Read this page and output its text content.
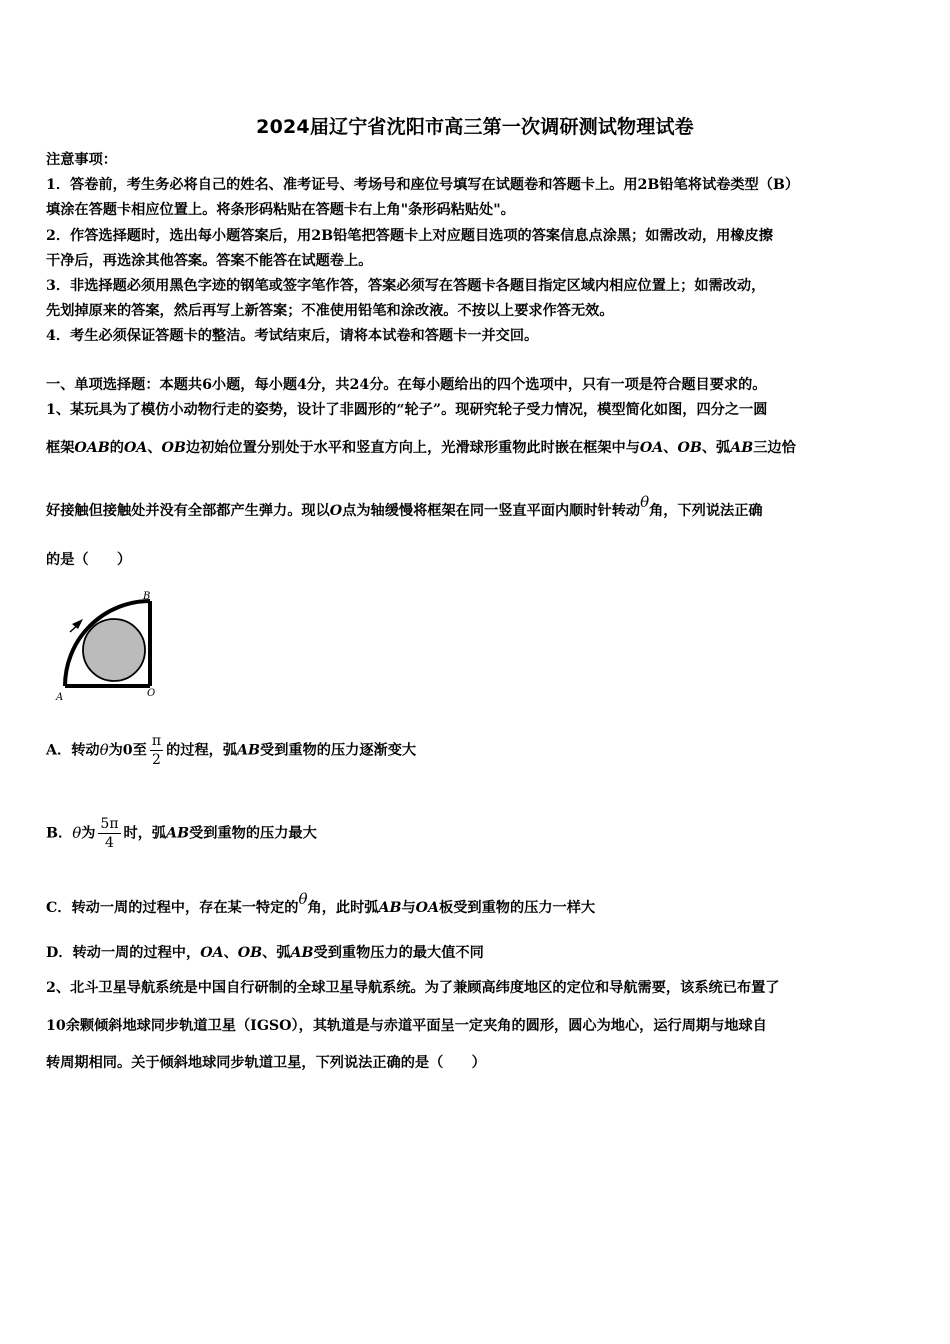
2024届辽宁省沈阳市高三第一次调研测试物理试卷
注意事项：
1．答卷前，考生务必将自己的姓名、准考证号、考场号和座位号填写在试题卷和答题卡上。用2B铅笔将试卷类型（B）
填涂在答题卡相应位置上。将条形码粘贴在答题卡右上角"条形码粘贴处"。
2．作答选择题时，选出每小题答案后，用2B铅笔把答题卡上对应题目选项的答案信息点涂黑；如需改动，用橡皮擦
干净后，再选涂其他答案。答案不能答在试题卷上。
3．非选择题必须用黑色字迹的钢笔或签字笔作答，答案必须写在答题卡各题目指定区域内相应位置上；如需改动，
先划掉原来的答案，然后再写上新答案；不准使用铅笔和涂改液。不按以上要求作答无效。
4．考生必须保证答题卡的整洁。考试结束后，请将本试卷和答题卡一并交回。
一、单项选择题：本题共6小题，每小题4分，共24分。在每小题给出的四个选项中，只有一项是符合题目要求的。
1、某玩具为了模仿小动物行走的姿势，设计了非圆形的“轮子”。现研究轮子受力情况，模型简化如图，四分之一圆
框架OAB的OA、OB边初始位置分别处于水平和竖直方向上，光滑球形重物此时嵌在框架中与OA、OB、弧AB三边恰
好接触但接触处并没有全部都产生弹力。现以O点为轴缓慢将框架在同一竖直平面内顺时针转动θ角，下列说法正确
的是（　　）
B
A	O
A．转动θ为0至 $\frac{\pi}{2}$ 的过程，弧AB受到重物的压力逐渐变大
B．θ为 $\frac{5\pi}{4}$ 时，弧AB受到重物的压力最大
C．转动一周的过程中，存在某一特定的θ角，此时弧AB与OA板受到重物的压力一样大
D．转动一周的过程中，OA、OB、弧AB受到重物压力的最大值不同
2、北斗卫星导航系统是中国自行研制的全球卫星导航系统。为了兼顾高纬度地区的定位和导航需要，该系统已布置了
10余颗倾斜地球同步轨道卫星（IGSO），其轨道是与赤道平面呈一定夹角的圆形，圆心为地心，运行周期与地球自
转周期相同。关于倾斜地球同步轨道卫星，下列说法正确的是（　　）
